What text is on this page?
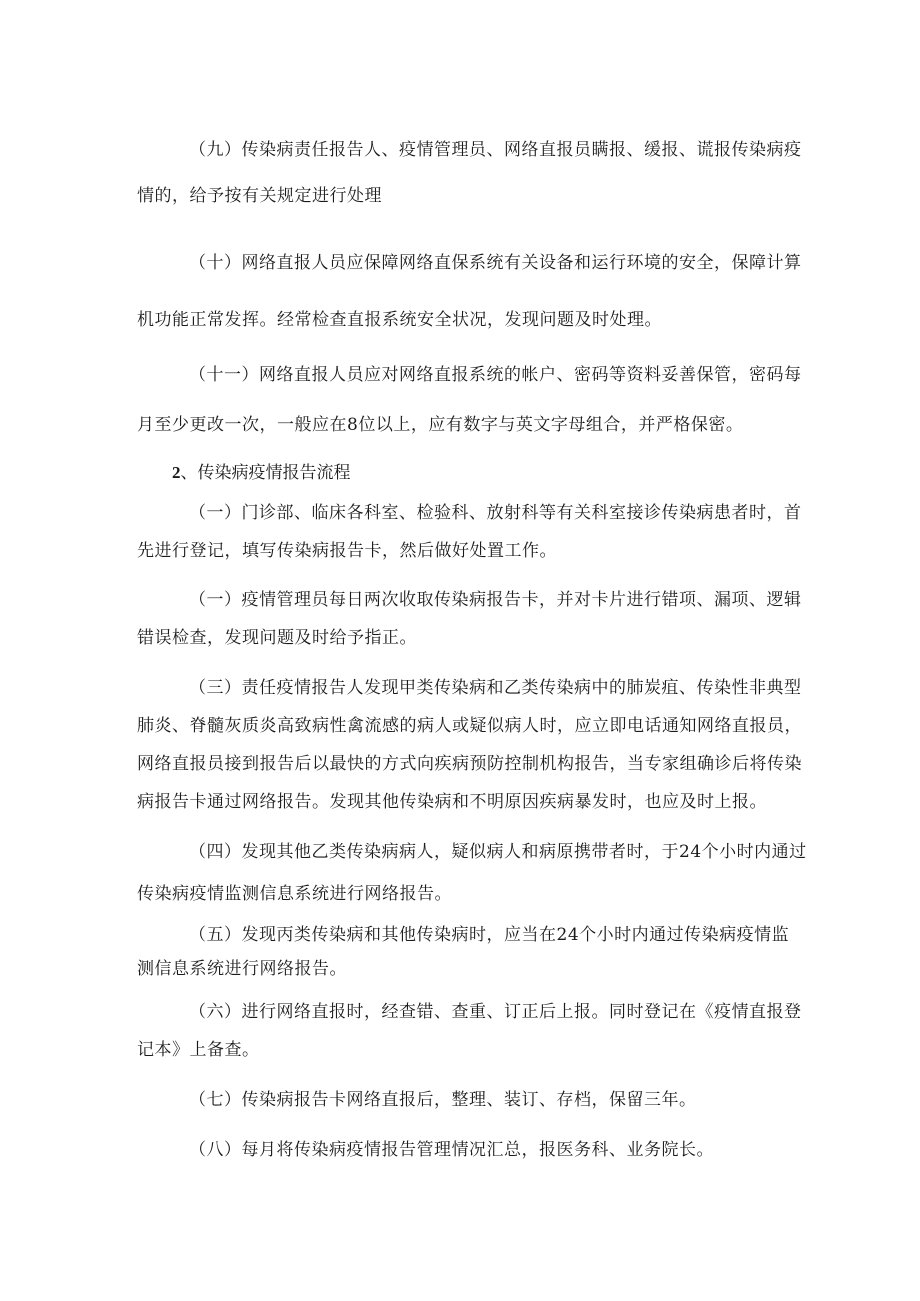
（九）传染病责任报告人、疫情管理员、网络直报员瞒报、缓报、谎报传染病疫
情的，给予按有关规定进行处理
（十）网络直报人员应保障网络直保系统有关设备和运行环境的安全，保障计算
机功能正常发挥。经常检查直报系统安全状况，发现问题及时处理。
（十一）网络直报人员应对网络直报系统的帐户、密码等资料妥善保管，密码每
月至少更改一次，一般应在8位以上，应有数字与英文字母组合，并严格保密。
2、传染病疫情报告流程
（一）门诊部、临床各科室、检验科、放射科等有关科室接诊传染病患者时，首
先进行登记，填写传染病报告卡，然后做好处置工作。
（一）疫情管理员每日两次收取传染病报告卡，并对卡片进行错项、漏项、逻辑
错误检查，发现问题及时给予指正。
（三）责任疫情报告人发现甲类传染病和乙类传染病中的肺炭疽、传染性非典型
肺炎、脊髓灰质炎高致病性禽流感的病人或疑似病人时，应立即电话通知网络直报员，
网络直报员接到报告后以最快的方式向疾病预防控制机构报告，当专家组确诊后将传染
病报告卡通过网络报告。发现其他传染病和不明原因疾病暴发时，也应及时上报。
（四）发现其他乙类传染病病人，疑似病人和病原携带者时，于24个小时内通过
传染病疫情监测信息系统进行网络报告。
（五）发现丙类传染病和其他传染病时，应当在24个小时内通过传染病疫情监
测信息系统进行网络报告。
（六）进行网络直报时，经查错、查重、订正后上报。同时登记在《疫情直报登
记本》上备查。
（七）传染病报告卡网络直报后，整理、装订、存档，保留三年。
（八）每月将传染病疫情报告管理情况汇总，报医务科、业务院长。
